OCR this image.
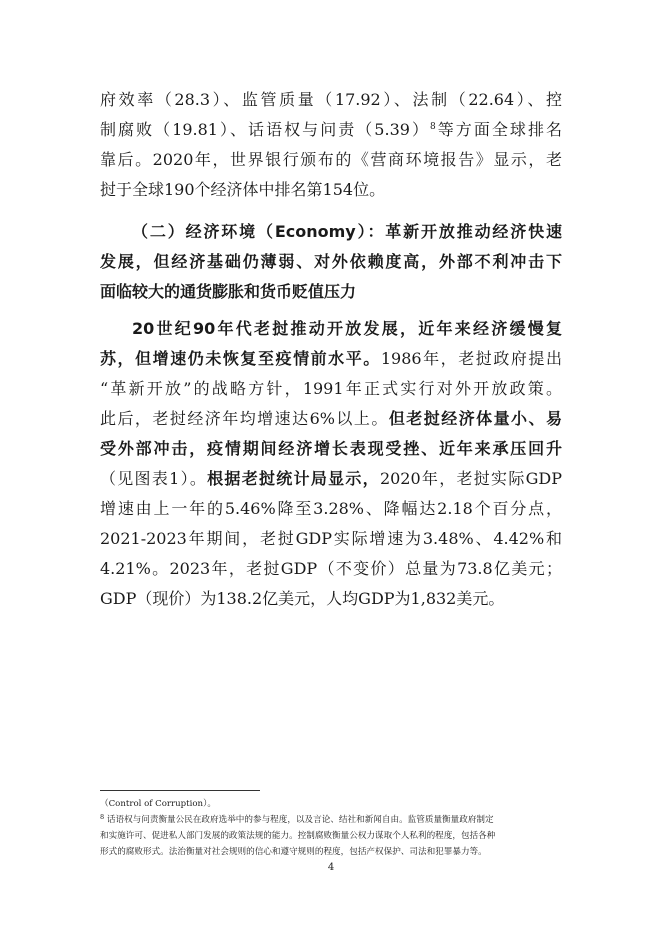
府效率（28.3）、监管质量（17.92）、法制（22.64）、控
制腐败（19.81）、话语权与问责$(5.39)^8$等方面全球排名
靠后。2020年，世界银行颁布的《营商环境报告》显示，老
挝于全球190个经济体中排名第154位。
（二）经济环境（Economy）：革新开放推动经济快速
发展，但经济基础仍薄弱、对外依赖度高，外部不利冲击下
面临较大的通货膨胀和货币贬值压力
20世纪90年代老挝推动开放发展，近年来经济缓慢复
苏，但增速仍未恢复至疫情前水平。1986年，老挝政府提出
“革新开放”的战略方针，1991年正式实行对外开放政策。
此后，老挝经济年均增速达6%以上。但老挝经济体量小、易
受外部冲击，疫情期间经济增长表现受挫、近年来承压回升
（见图表1）。根据老挝统计局显示，2020年，老挝实际GDP
增速由上一年的5.46%降至3.28%、降幅达2.18个百分点，
2021-2023年期间，老挝GDP实际增速为3.48%、4.42%和
4.21%。2023年，老挝GDP（不变价）总量为73.8亿美元；
GDP（现价）为138.2亿美元，人均GDP为1,832美元。
（Control of Corruption）。
$^8$ 话语权与问责衡量公民在政府选举中的参与程度，以及言论、结社和新闻自由。监管质量衡量政府制定
和实施许可、促进私人部门发展的政策法规的能力。控制腐败衡量公权力谋取个人私利的程度，包括各种
形式的腐败形式。法治衡量对社会规则的信心和遵守规则的程度，包括产权保护、司法和犯罪暴力等。
4
